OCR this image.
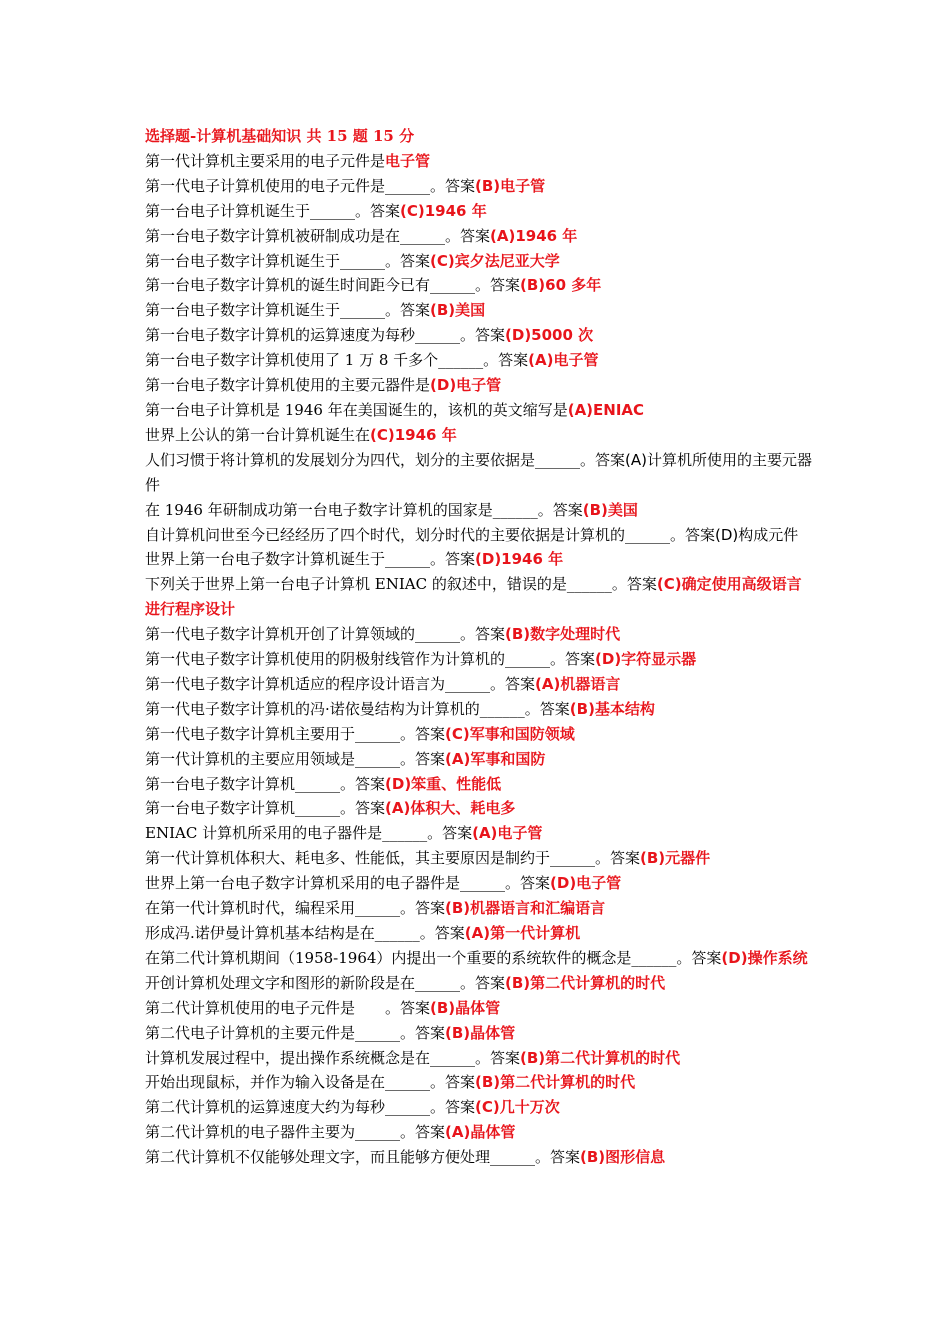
选择题-计算机基础知识 共 15 题 15 分
第一代计算机主要采用的电子元件是电子管
第一代电子计算机使用的电子元件是______。答案(B)电子管
第一台电子计算机诞生于______。答案(C)1946 年
第一台电子数字计算机被研制成功是在______。答案(A)1946 年
第一台电子数字计算机诞生于______。答案(C)宾夕法尼亚大学
第一台电子数字计算机的诞生时间距今已有______。答案(B)60 多年
第一台电子数字计算机诞生于______。答案(B)美国
第一台电子数字计算机的运算速度为每秒______。答案(D)5000 次
第一台电子数字计算机使用了 1 万 8 千多个______。答案(A)电子管
第一台电子数字计算机使用的主要元器件是(D)电子管
第一台电子计算机是 1946 年在美国诞生的，该机的英文缩写是(A)ENIAC
世界上公认的第一台计算机诞生在(C)1946 年
人们习惯于将计算机的发展划分为四代，划分的主要依据是______。答案(A)计算机所使用的主要元器件
在 1946 年研制成功第一台电子数字计算机的国家是______。答案(B)美国
自计算机问世至今已经经历了四个时代，划分时代的主要依据是计算机的______。答案(D)构成元件
世界上第一台电子数字计算机诞生于______。答案(D)1946 年
下列关于世界上第一台电子计算机 ENIAC 的叙述中，错误的是______。答案(C)确定使用高级语言进行程序设计
第一代电子数字计算机开创了计算领域的______。答案(B)数字处理时代
第一代电子数字计算机使用的阴极射线管作为计算机的______。答案(D)字符显示器
第一代电子数字计算机适应的程序设计语言为______。答案(A)机器语言
第一代电子数字计算机的冯·诺依曼结构为计算机的______。答案(B)基本结构
第一代电子数字计算机主要用于______。答案(C)军事和国防领域
第一代计算机的主要应用领域是______。答案(A)军事和国防
第一台电子数字计算机______。答案(D)笨重、性能低
第一台电子数字计算机______。答案(A)体积大、耗电多
ENIAC 计算机所采用的电子器件是______。答案(A)电子管
第一代计算机体积大、耗电多、性能低，其主要原因是制约于______。答案(B)元器件
世界上第一台电子数字计算机采用的电子器件是______。答案(D)电子管
在第一代计算机时代，编程采用______。答案(B)机器语言和汇编语言
形成冯.诺伊曼计算机基本结构是在______。答案(A)第一代计算机
在第二代计算机期间（1958-1964）内提出一个重要的系统软件的概念是______。答案(D)操作系统
开创计算机处理文字和图形的新阶段是在______。答案(B)第二代计算机的时代
第二代计算机使用的电子元件是　　。答案(B)晶体管
第二代电子计算机的主要元件是______。答案(B)晶体管
计算机发展过程中，提出操作系统概念是在______。答案(B)第二代计算机的时代
开始出现鼠标，并作为输入设备是在______。答案(B)第二代计算机的时代
第二代计算机的运算速度大约为每秒______。答案(C)几十万次
第二代计算机的电子器件主要为______。答案(A)晶体管
第二代计算机不仅能够处理文字，而且能够方便处理______。答案(B)图形信息
